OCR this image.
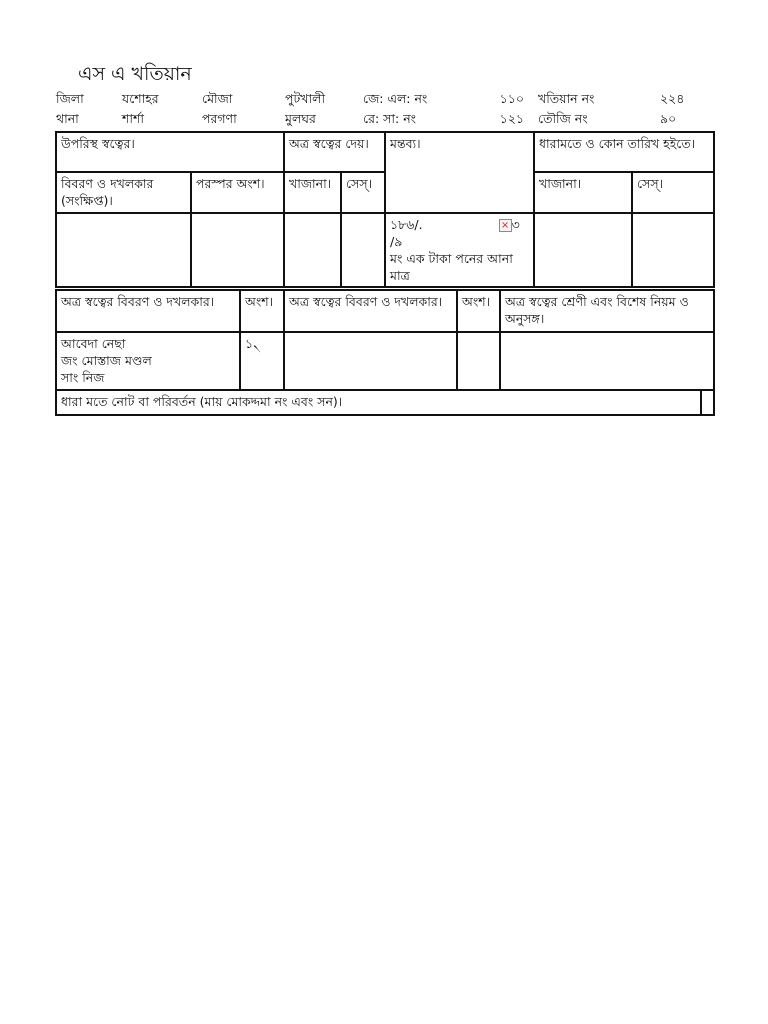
এস এ খতিয়ান
জিলা	যশোহর	মৌজা	পুটখালী	জে: এল: নং	১১০	খতিয়ান নং	২২৪
থানা	শার্শা	পরগণা	মুলঘর	রে: সা: নং	১২১	তৌজি নং	৯০
উপরিস্থ স্বত্বের।		অত্র স্বত্বের দেয়।		মন্তব্য।	ধারামতে ও কোন তারিখ হইতে।	
বিবরণ ও দখলকার (সংক্ষিপ্ত)।	পরস্পর অংশ।	খাজানা।	সেস্।		খাজানা।	সেস্।

				১৮৬/. × ৩
/৯
মং এক টাকা পনের আনা মাত্র		

অত্র স্বত্বের বিবরণ ও দখলকার।	অংশ।	অত্র স্বত্বের বিবরণ ও দখলকার।	অংশ।	অত্র স্বত্বের শ্রেণী এবং বিশেষ নিয়ম ও অনুসঙ্গ।

আবেদা নেছা
জং মোস্তাজ মণ্ডল
সাং নিজ	১৲			
ধারা মতে নোট বা পরিবর্তন (মায় মোকদ্দমা নং এবং সন)।	
